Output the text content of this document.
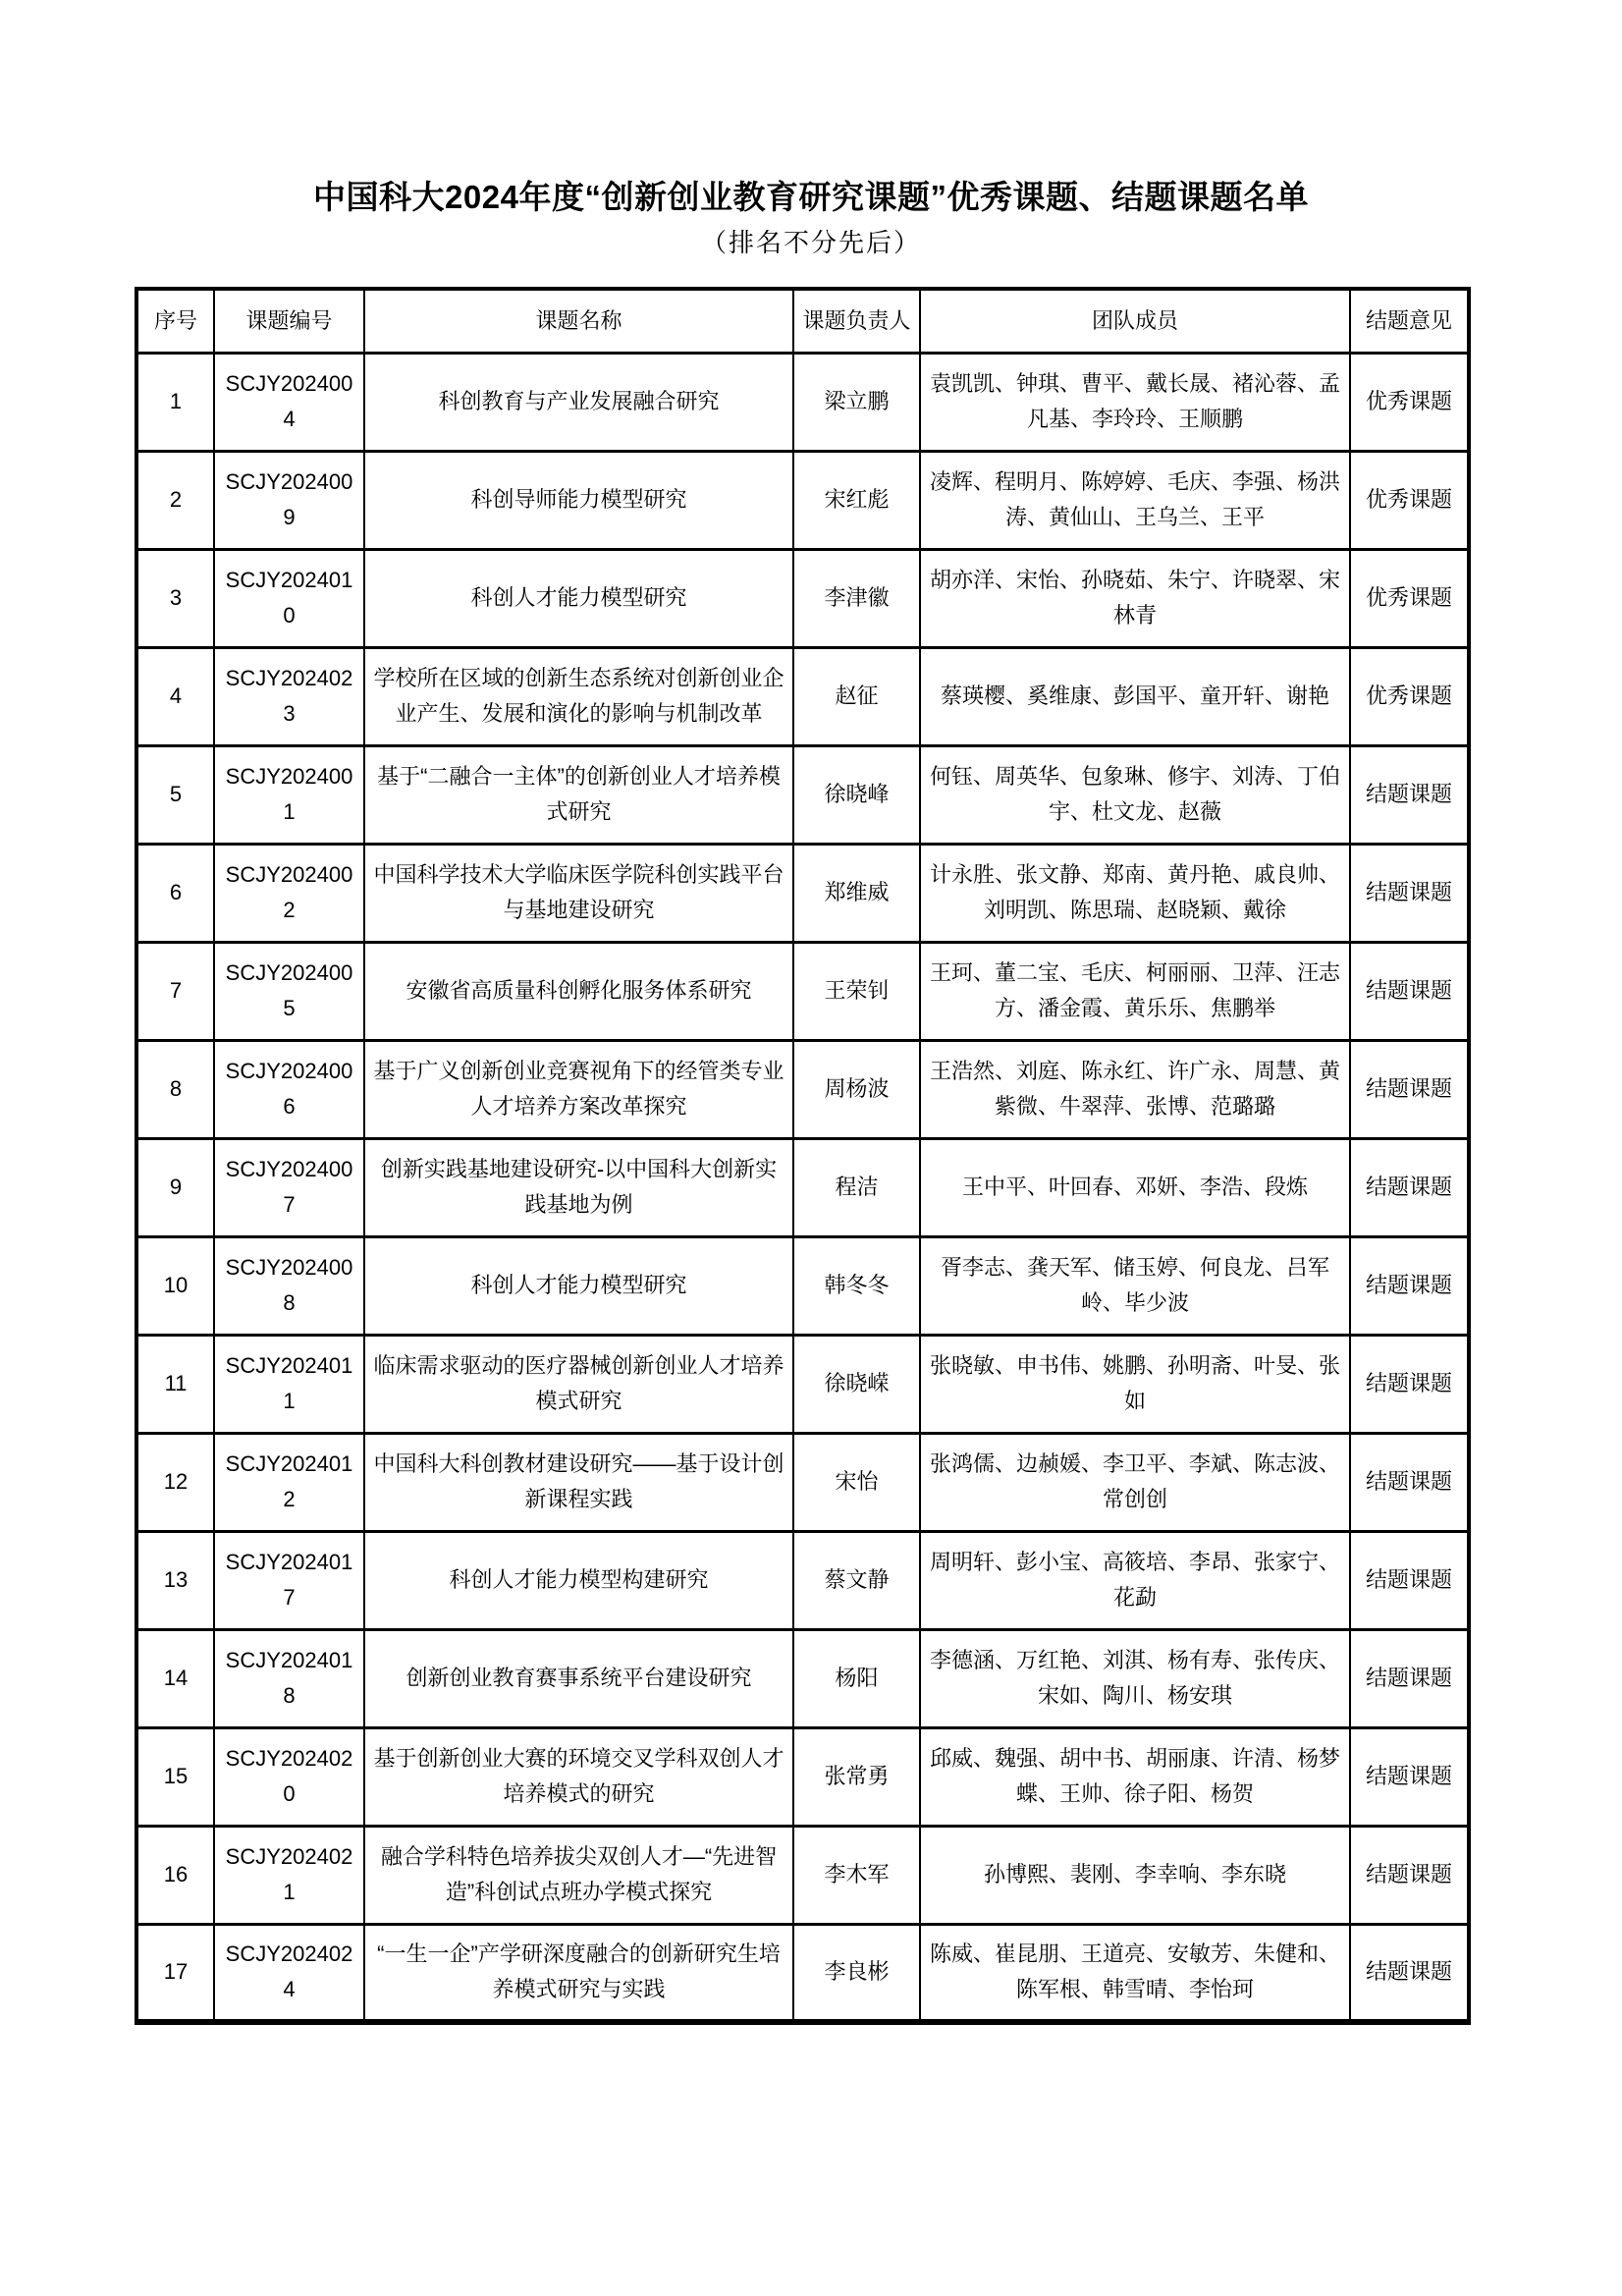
中国科大2024年度“创新创业教育研究课题”优秀课题、结题课题名单
（排名不分先后）
序号	课题编号	课题名称	课题负责人	团队成员	结题意见
1	SCJY2024004	科创教育与产业发展融合研究	梁立鹏	袁凯凯、钟琪、曹平、戴长晟、褚沁蓉、孟凡基、李玲玲、王顺鹏	优秀课题
2	SCJY2024009	科创导师能力模型研究	宋红彪	凌辉、程明月、陈婷婷、毛庆、李强、杨洪涛、黄仙山、王乌兰、王平	优秀课题
3	SCJY2024010	科创人才能力模型研究	李津徽	胡亦洋、宋怡、孙晓茹、朱宁、许晓翠、宋林青	优秀课题
4	SCJY2024023	学校所在区域的创新生态系统对创新创业企业产生、发展和演化的影响与机制改革	赵征	蔡瑛樱、奚维康、彭国平、童开轩、谢艳	优秀课题
5	SCJY2024001	基于“二融合一主体”的创新创业人才培养模式研究	徐晓峰	何钰、周英华、包象琳、修宇、刘涛、丁伯宇、杜文龙、赵薇	结题课题
6	SCJY2024002	中国科学技术大学临床医学院科创实践平台与基地建设研究	郑维威	计永胜、张文静、郑南、黄丹艳、戚良帅、刘明凯、陈思瑞、赵晓颖、戴徐	结题课题
7	SCJY2024005	安徽省高质量科创孵化服务体系研究	王荣钊	王珂、董二宝、毛庆、柯丽丽、卫萍、汪志方、潘金霞、黄乐乐、焦鹏举	结题课题
8	SCJY2024006	基于广义创新创业竞赛视角下的经管类专业人才培养方案改革探究	周杨波	王浩然、刘庭、陈永红、许广永、周慧、黄紫微、牛翠萍、张博、范璐璐	结题课题
9	SCJY2024007	创新实践基地建设研究-以中国科大创新实践基地为例	程洁	王中平、叶回春、邓妍、李浩、段炼	结题课题
10	SCJY2024008	科创人才能力模型研究	韩冬冬	胥李志、龚天军、储玉婷、何良龙、吕军岭、毕少波	结题课题
11	SCJY2024011	临床需求驱动的医疗器械创新创业人才培养模式研究	徐晓嵘	张晓敏、申书伟、姚鹏、孙明斋、叶旻、张如	结题课题
12	SCJY2024012	中国科大科创教材建设研究——基于设计创新课程实践	宋怡	张鸿儒、边赪媛、李卫平、李斌、陈志波、常创创	结题课题
13	SCJY2024017	科创人才能力模型构建研究	蔡文静	周明轩、彭小宝、高筱培、李昂、张家宁、花勐	结题课题
14	SCJY2024018	创新创业教育赛事系统平台建设研究	杨阳	李德涵、万红艳、刘淇、杨有寿、张传庆、宋如、陶川、杨安琪	结题课题
15	SCJY2024020	基于创新创业大赛的环境交叉学科双创人才培养模式的研究	张常勇	邱威、魏强、胡中书、胡丽康、许清、杨梦蝶、王帅、徐子阳、杨贺	结题课题
16	SCJY2024021	融合学科特色培养拔尖双创人才—“先进智造”科创试点班办学模式探究	李木军	孙博熙、裴刚、李幸响、李东晓	结题课题
17	SCJY2024024	“一生一企”产学研深度融合的创新研究生培养模式研究与实践	李良彬	陈威、崔昆朋、王道亮、安敏芳、朱健和、陈军根、韩雪晴、李怡珂	结题课题
